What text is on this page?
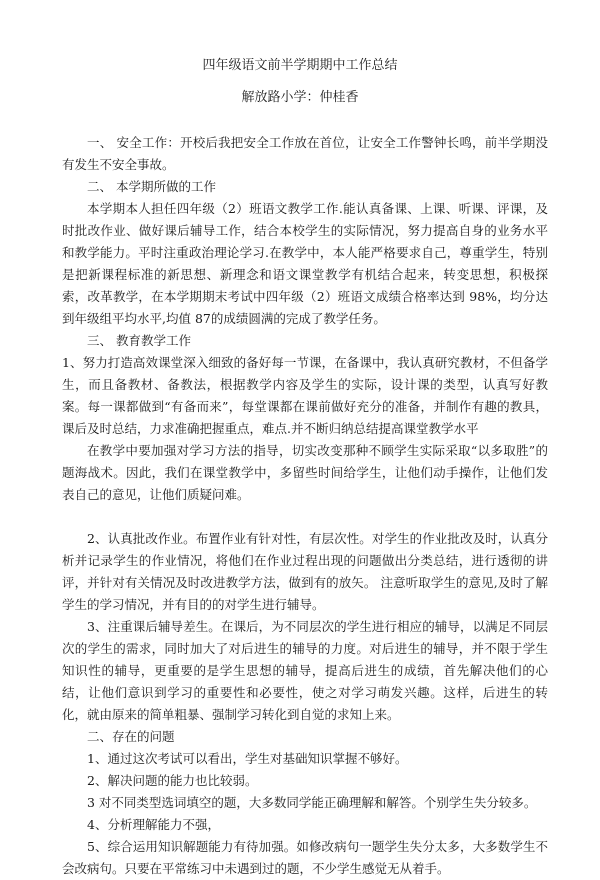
四年级语文前半学期期中工作总结
解放路小学：仲桂香

一、 安全工作：开校后我把安全工作放在首位，让安全工作警钟长鸣，前半学期没有发生不安全事故。

二、 本学期所做的工作

本学期本人担任四年级（2）班语文教学工作.能认真备课、上课、听课、评课，及时批改作业、做好课后辅导工作，结合本校学生的实际情况，努力提高自身的业务水平和教学能力。平时注重政治理论学习.在教学中，本人能严格要求自己，尊重学生，特别是把新课程标准的新思想、新理念和语文课堂教学有机结合起来，转变思想，积极探索，改革教学，在本学期期末考试中四年级（2）班语文成绩合格率达到 98%，均分达到年级组平均水平,均值 87的成绩圆满的完成了教学任务。

三、 教育教学工作

1、努力打造高效课堂深入细致的备好每一节课，在备课中，我认真研究教材，不但备学生，而且备教材、备教法，根据教学内容及学生的实际，设计课的类型，认真写好教案。每一课都做到“有备而来”，每堂课都在课前做好充分的准备，并制作有趣的教具，课后及时总结，力求准确把握重点，难点.并不断归纳总结提高课堂教学水平

在教学中要加强对学习方法的指导，切实改变那种不顾学生实际采取“以多取胜”的题海战术。因此，我们在课堂教学中，多留些时间给学生，让他们动手操作，让他们发表自己的意见，让他们质疑问难。

2、认真批改作业。布置作业有针对性，有层次性。对学生的作业批改及时，认真分析并记录学生的作业情况，将他们在作业过程出现的问题做出分类总结，进行透彻的讲评，并针对有关情况及时改进教学方法，做到有的放矢。 注意听取学生的意见,及时了解学生的学习情况，并有目的的对学生进行辅导。

3、注重课后辅导差生。在课后，为不同层次的学生进行相应的辅导，以满足不同层次的学生的需求，同时加大了对后进生的辅导的力度。对后进生的辅导，并不限于学生知识性的辅导，更重要的是学生思想的辅导，提高后进生的成绩，首先解决他们的心结，让他们意识到学习的重要性和必要性，使之对学习萌发兴趣。这样，后进生的转化，就由原来的简单粗暴、强制学习转化到自觉的求知上来。

二、存在的问题

1、通过这次考试可以看出，学生对基础知识掌握不够好。

2、解决问题的能力也比较弱。

3 对不同类型选词填空的题，大多数同学能正确理解和解答。个别学生失分较多。

4、分析理解能力不强，

5、综合运用知识解题能力有待加强。如修改病句一题学生失分太多，大多数学生不会改病句。只要在平常练习中未遇到过的题，不少学生感觉无从着手。
